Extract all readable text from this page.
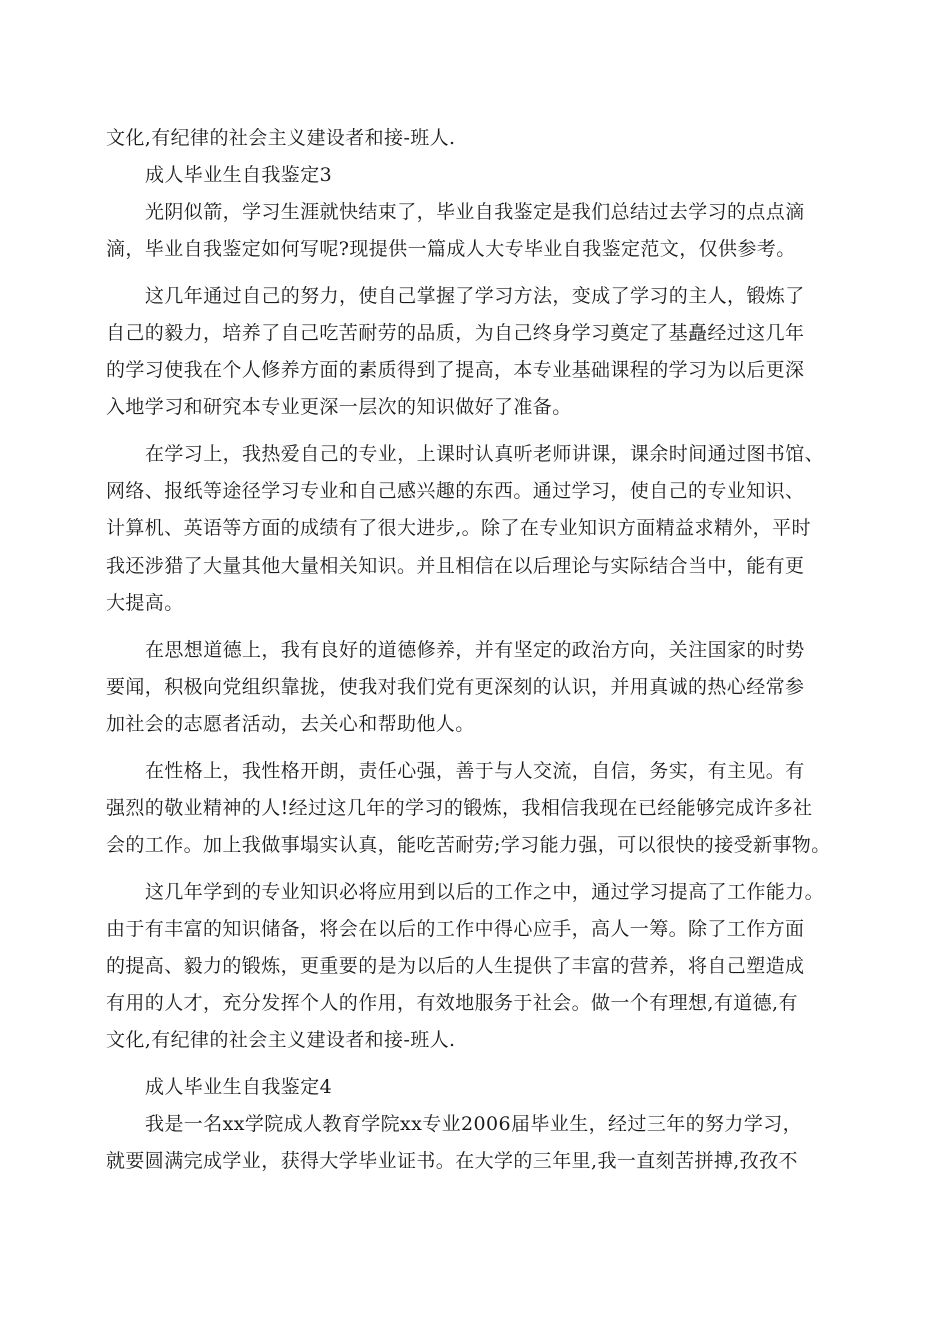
文化,有纪律的社会主义建设者和接-班人.
成人毕业生自我鉴定3
光阴似箭，学习生涯就快结束了，毕业自我鉴定是我们总结过去学习的点点滴
滴，毕业自我鉴定如何写呢?现提供一篇成人大专毕业自我鉴定范文，仅供参考。
这几年通过自己的努力，使自己掌握了学习方法，变成了学习的主人，锻炼了
自己的毅力，培养了自己吃苦耐劳的品质，为自己终身学习奠定了基矗经过这几年
的学习使我在个人修养方面的素质得到了提高，本专业基础课程的学习为以后更深
入地学习和研究本专业更深一层次的知识做好了准备。
在学习上，我热爱自己的专业，上课时认真听老师讲课，课余时间通过图书馆、
网络、报纸等途径学习专业和自己感兴趣的东西。通过学习，使自己的专业知识、
计算机、英语等方面的成绩有了很大进步,。除了在专业知识方面精益求精外，平时
我还涉猎了大量其他大量相关知识。并且相信在以后理论与实际结合当中，能有更
大提高。
在思想道德上，我有良好的道德修养，并有坚定的政治方向，关注国家的时势
要闻，积极向党组织靠拢，使我对我们党有更深刻的认识，并用真诚的热心经常参
加社会的志愿者活动，去关心和帮助他人。
在性格上，我性格开朗，责任心强，善于与人交流，自信，务实，有主见。有
强烈的敬业精神的人!经过这几年的学习的锻炼，我相信我现在已经能够完成许多社
会的工作。加上我做事塌实认真，能吃苦耐劳;学习能力强，可以很快的接受新事物。
这几年学到的专业知识必将应用到以后的工作之中，通过学习提高了工作能力。
由于有丰富的知识储备，将会在以后的工作中得心应手，高人一筹。除了工作方面
的提高、毅力的锻炼，更重要的是为以后的人生提供了丰富的营养，将自己塑造成
有用的人才，充分发挥个人的作用，有效地服务于社会。做一个有理想,有道德,有
文化,有纪律的社会主义建设者和接-班人.
成人毕业生自我鉴定4
我是一名xx学院成人教育学院xx专业2006届毕业生，经过三年的努力学习，
就要圆满完成学业，获得大学毕业证书。在大学的三年里,我一直刻苦拼搏,孜孜不
